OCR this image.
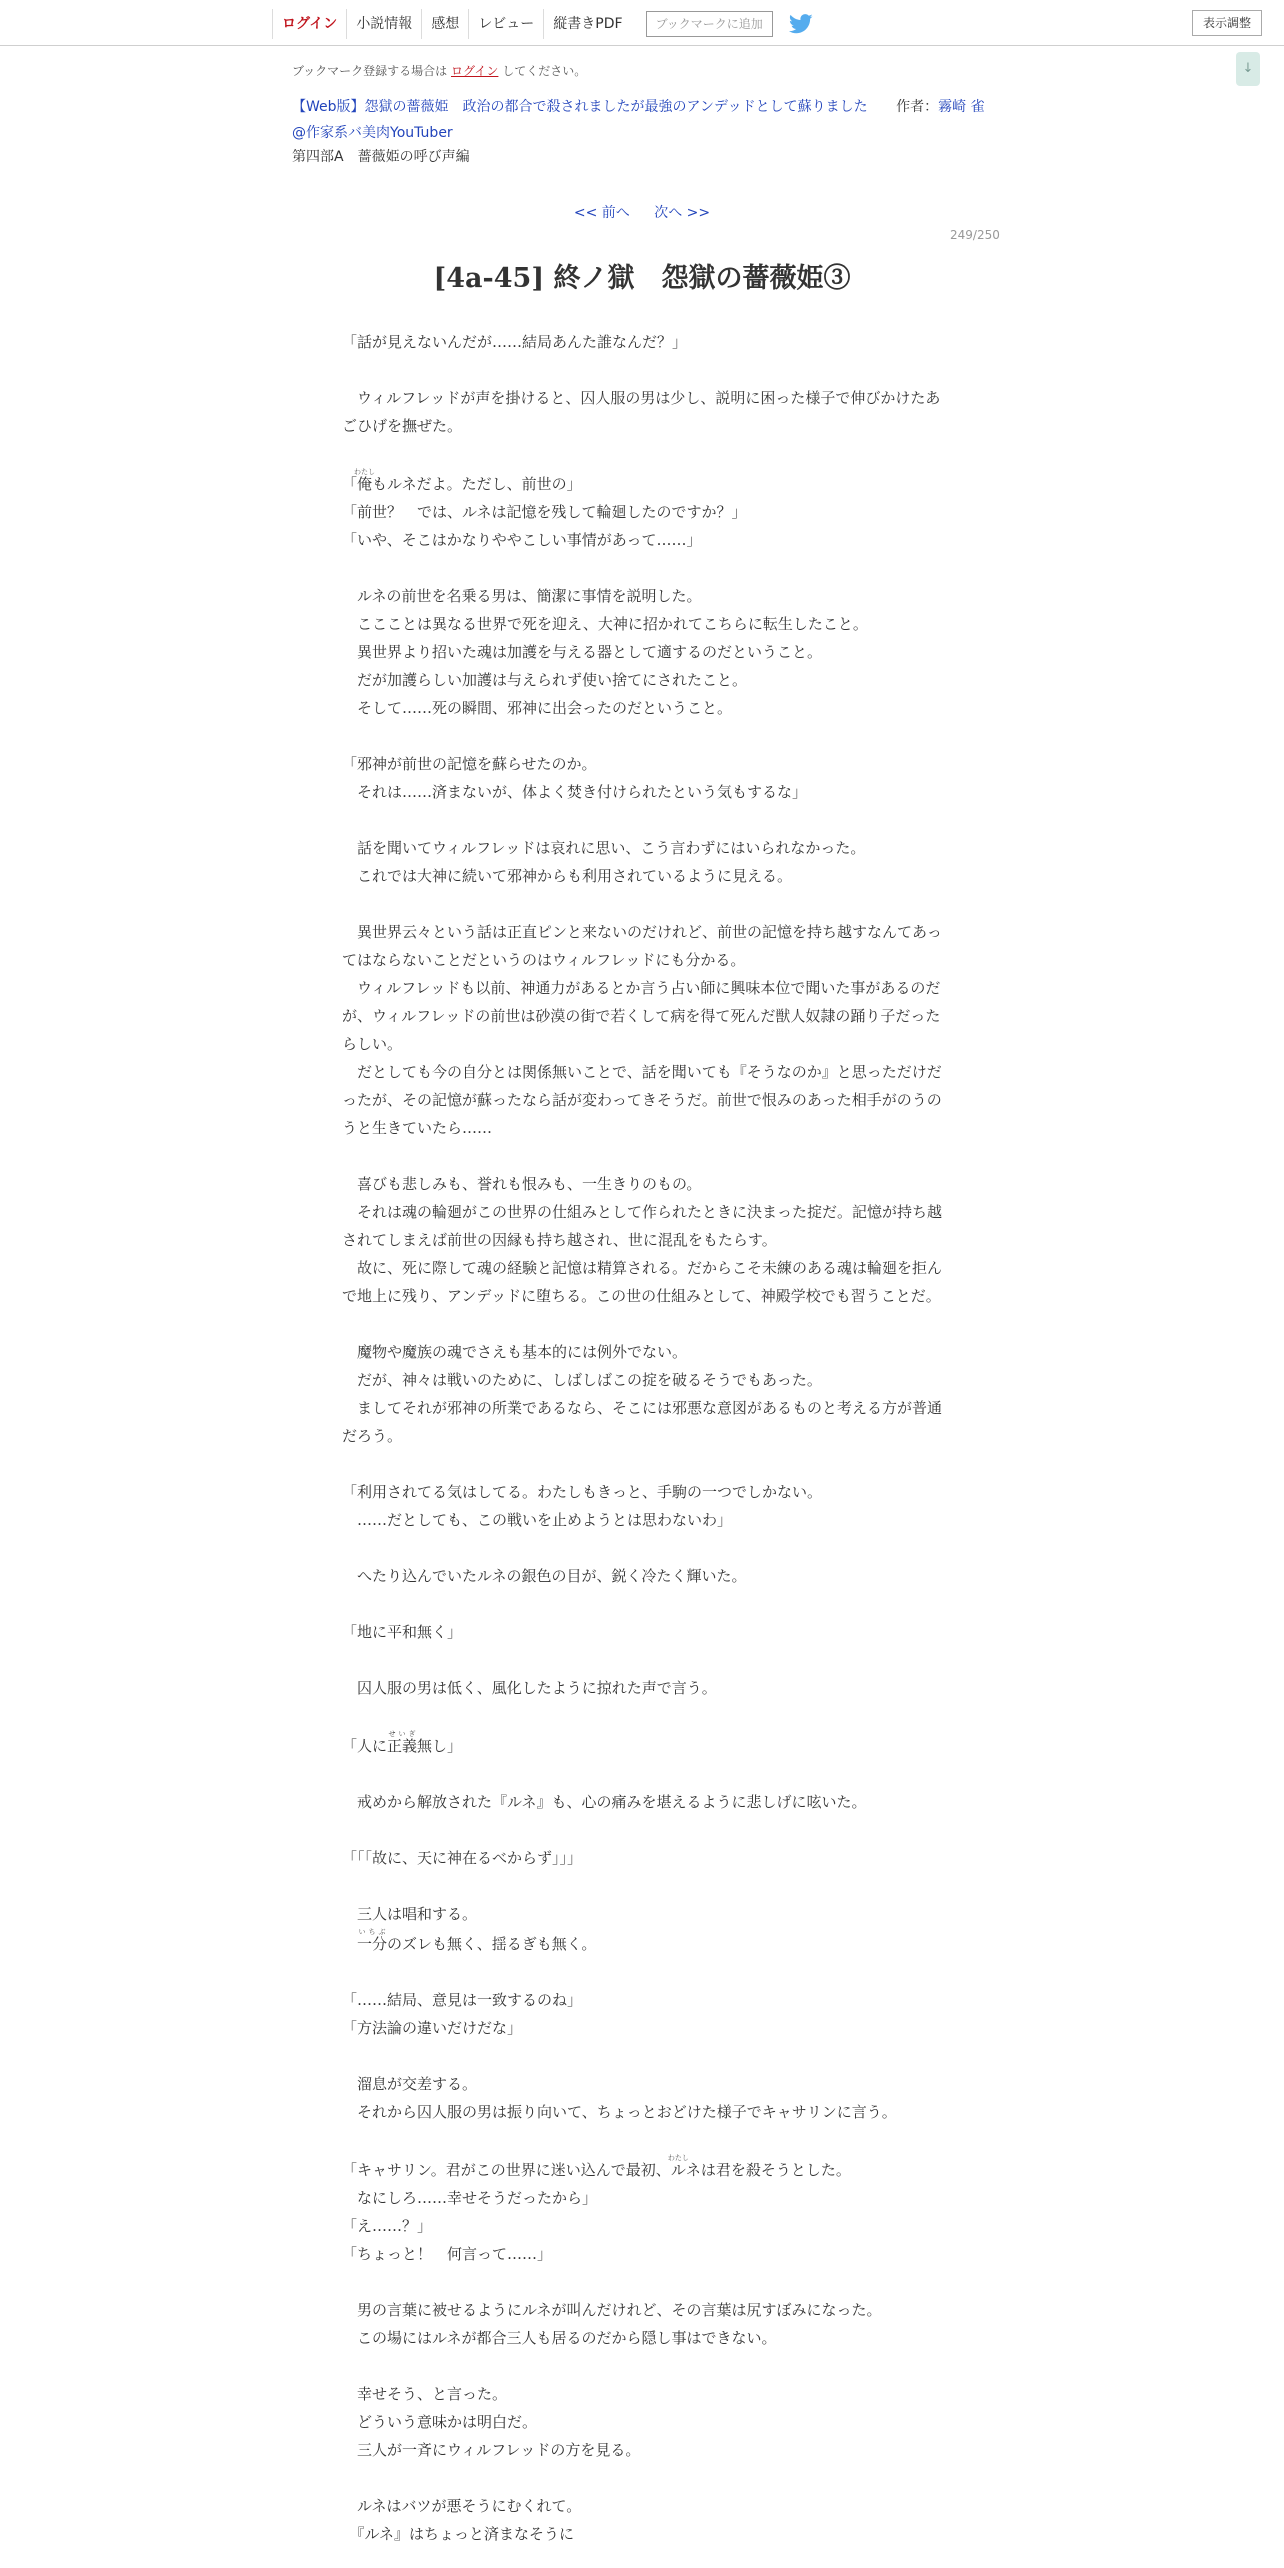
ログイン	小説情報	感想	レビュー	縦書きPDF	ブックマークに追加	表示調整
↓
ブックマーク登録する場合は ログイン してください。
【Web版】怨獄の薔薇姫　政治の都合で殺されましたが最強のアンデッドとして蘇りました 作者：霧崎 雀
@作家系バ美肉YouTuber
第四部A　薔薇姫の呼び声編
<< 前へ 次へ >>
249/250
[4a-45] 終ノ獄　怨獄の薔薇姫③

「話が見えないんだが……結局あんた誰なんだ？」

　ウィルフレッドが声を掛けると、囚人服の男は少し、説明に困った様子で伸びかけたあごひげを撫ぜた。

「俺わたしもルネだよ。ただし、前世の」

「前世？　では、ルネは記憶を残して輪廻したのですか？」

「いや、そこはかなりややこしい事情があって……」

　ルネの前世を名乗る男は、簡潔に事情を説明した。

　ここことは異なる世界で死を迎え、大神に招かれてこちらに転生したこと。

　異世界より招いた魂は加護を与える器として適するのだということ。

　だが加護らしい加護は与えられず使い捨てにされたこと。

　そして……死の瞬間、邪神に出会ったのだということ。

「邪神が前世の記憶を蘇らせたのか。

　それは……済まないが、体よく焚き付けられたという気もするな」

　話を聞いてウィルフレッドは哀れに思い、こう言わずにはいられなかった。

　これでは大神に続いて邪神からも利用されているように見える。

　異世界云々という話は正直ピンと来ないのだけれど、前世の記憶を持ち越すなんてあってはならないことだというのはウィルフレッドにも分かる。

　ウィルフレッドも以前、神通力があるとか言う占い師に興味本位で聞いた事があるのだが、ウィルフレッドの前世は砂漠の街で若くして病を得て死んだ獣人奴隷の踊り子だったらしい。

　だとしても今の自分とは関係無いことで、話を聞いても『そうなのか』と思っただけだったが、その記憶が蘇ったなら話が変わってきそうだ。前世で恨みのあった相手がのうのうと生きていたら……

　喜びも悲しみも、誉れも恨みも、一生きりのもの。

　それは魂の輪廻がこの世界の仕組みとして作られたときに決まった掟だ。記憶が持ち越されてしまえば前世の因縁も持ち越され、世に混乱をもたらす。

　故に、死に際して魂の経験と記憶は精算される。だからこそ未練のある魂は輪廻を拒んで地上に残り、アンデッドに堕ちる。この世の仕組みとして、神殿学校でも習うことだ。

　魔物や魔族の魂でさえも基本的には例外でない。

　だが、神々は戦いのために、しばしばこの掟を破るそうでもあった。

　ましてそれが邪神の所業であるなら、そこには邪悪な意図があるものと考える方が普通だろう。

「利用されてる気はしてる。わたしもきっと、手駒の一つでしかない。

　……だとしても、この戦いを止めようとは思わないわ」

　へたり込んでいたルネの銀色の目が、鋭く冷たく輝いた。

「地に平和無く」

　囚人服の男は低く、風化したように掠れた声で言う。

「人に正義せいぎ無し」

　戒めから解放された『ルネ』も、心の痛みを堪えるように悲しげに呟いた。

「「「故に、天に神在るべからず」」」

　三人は唱和する。

　一分いちぶのズレも無く、揺るぎも無く。

「……結局、意見は一致するのね」

「方法論の違いだけだな」

　溜息が交差する。

　それから囚人服の男は振り向いて、ちょっとおどけた様子でキャサリンに言う。

「キャサリン。君がこの世界に迷い込んで最初、ルわたしネは君を殺そうとした。

　なにしろ……幸せそうだったから」

「え……？」

「ちょっと！　何言って……」

　男の言葉に被せるようにルネが叫んだけれど、その言葉は尻すぼみになった。

　この場にはルネが都合三人も居るのだから隠し事はできない。

　幸せそう、と言った。

　どういう意味かは明白だ。

　三人が一斉にウィルフレッドの方を見る。

　ルネはバツが悪そうにむくれて。

　『ルネ』はちょっと済まなそうに
